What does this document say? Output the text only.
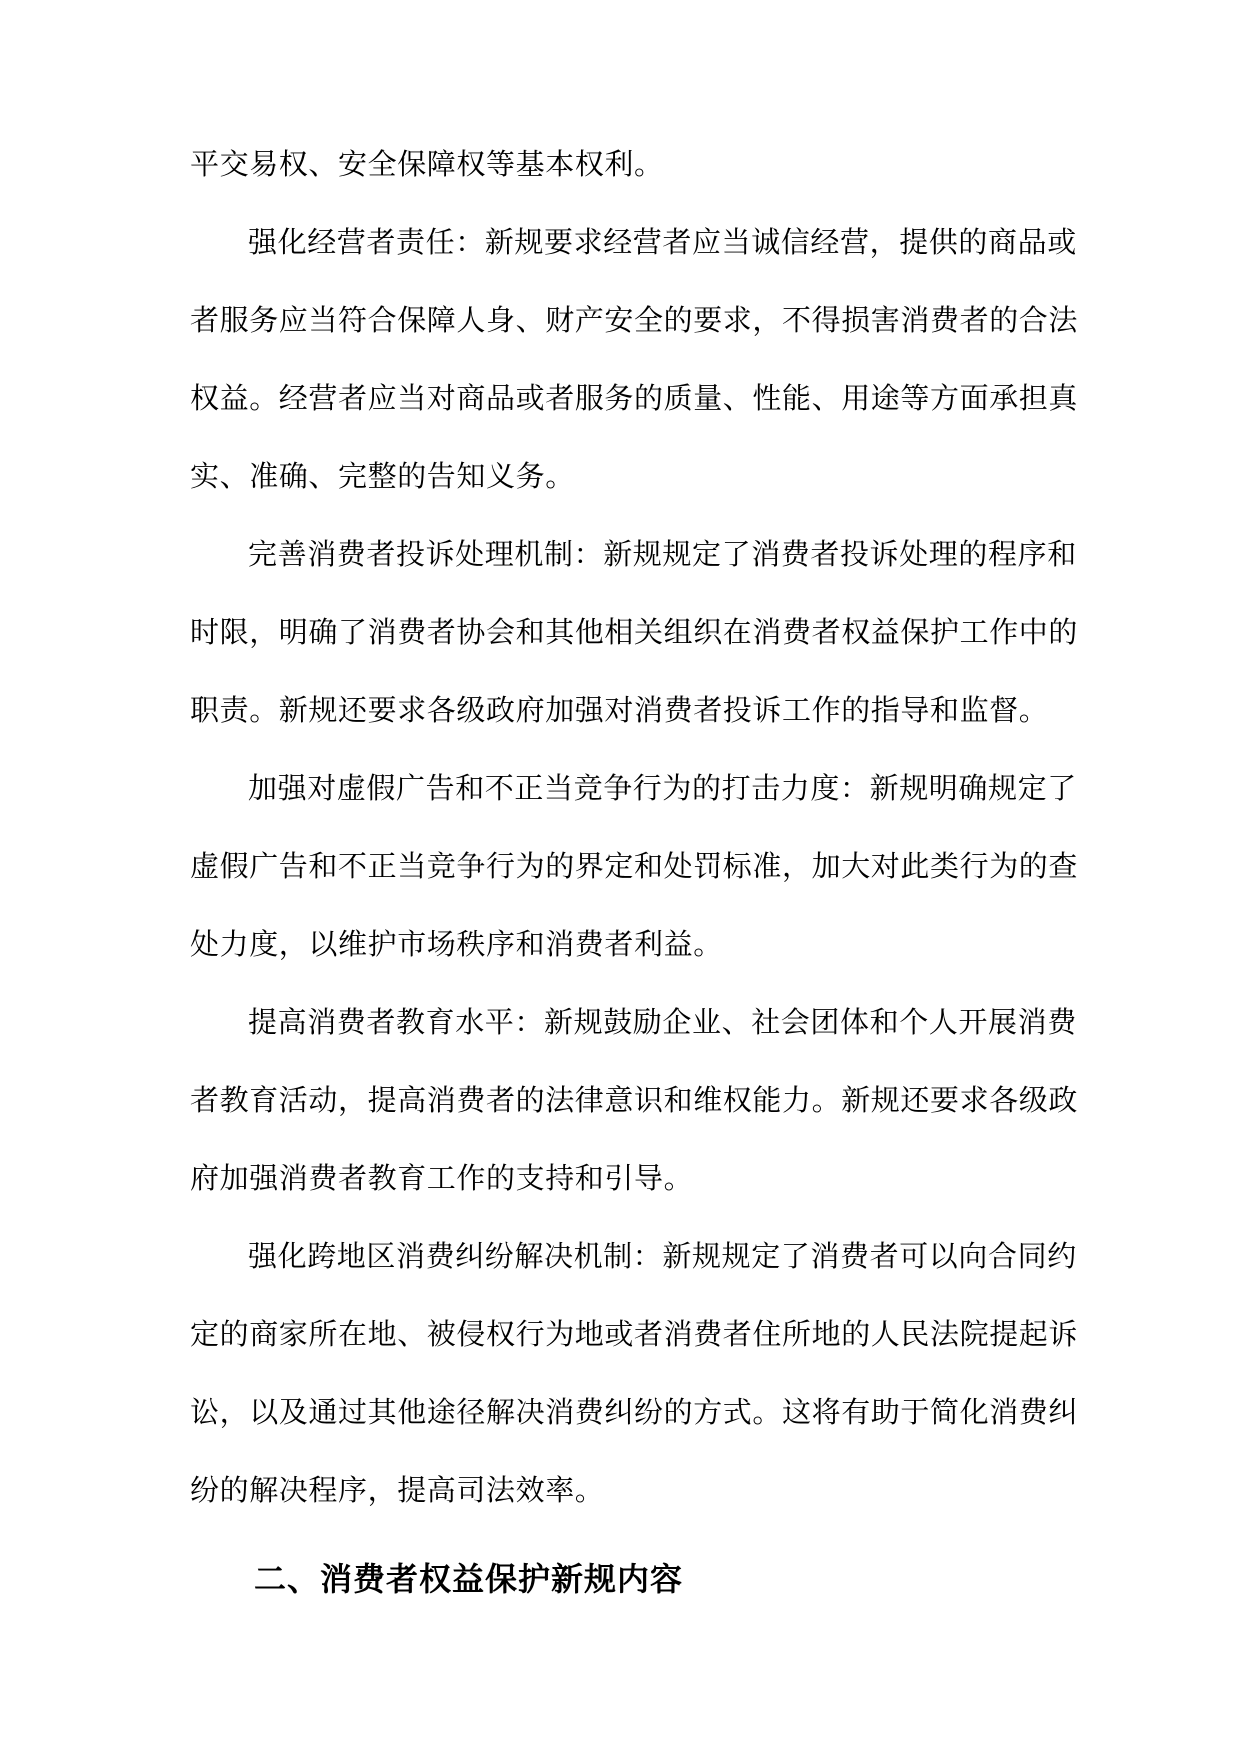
平交易权、安全保障权等基本权利。
强化经营者责任：新规要求经营者应当诚信经营，提供的商品或
者服务应当符合保障人身、财产安全的要求，不得损害消费者的合法
权益。经营者应当对商品或者服务的质量、性能、用途等方面承担真
实、准确、完整的告知义务。
完善消费者投诉处理机制：新规规定了消费者投诉处理的程序和
时限，明确了消费者协会和其他相关组织在消费者权益保护工作中的
职责。新规还要求各级政府加强对消费者投诉工作的指导和监督。
加强对虚假广告和不正当竞争行为的打击力度：新规明确规定了
虚假广告和不正当竞争行为的界定和处罚标准，加大对此类行为的查
处力度，以维护市场秩序和消费者利益。
提高消费者教育水平：新规鼓励企业、社会团体和个人开展消费
者教育活动，提高消费者的法律意识和维权能力。新规还要求各级政
府加强消费者教育工作的支持和引导。
强化跨地区消费纠纷解决机制：新规规定了消费者可以向合同约
定的商家所在地、被侵权行为地或者消费者住所地的人民法院提起诉
讼，以及通过其他途径解决消费纠纷的方式。这将有助于简化消费纠
纷的解决程序，提高司法效率。
二、消费者权益保护新规内容
